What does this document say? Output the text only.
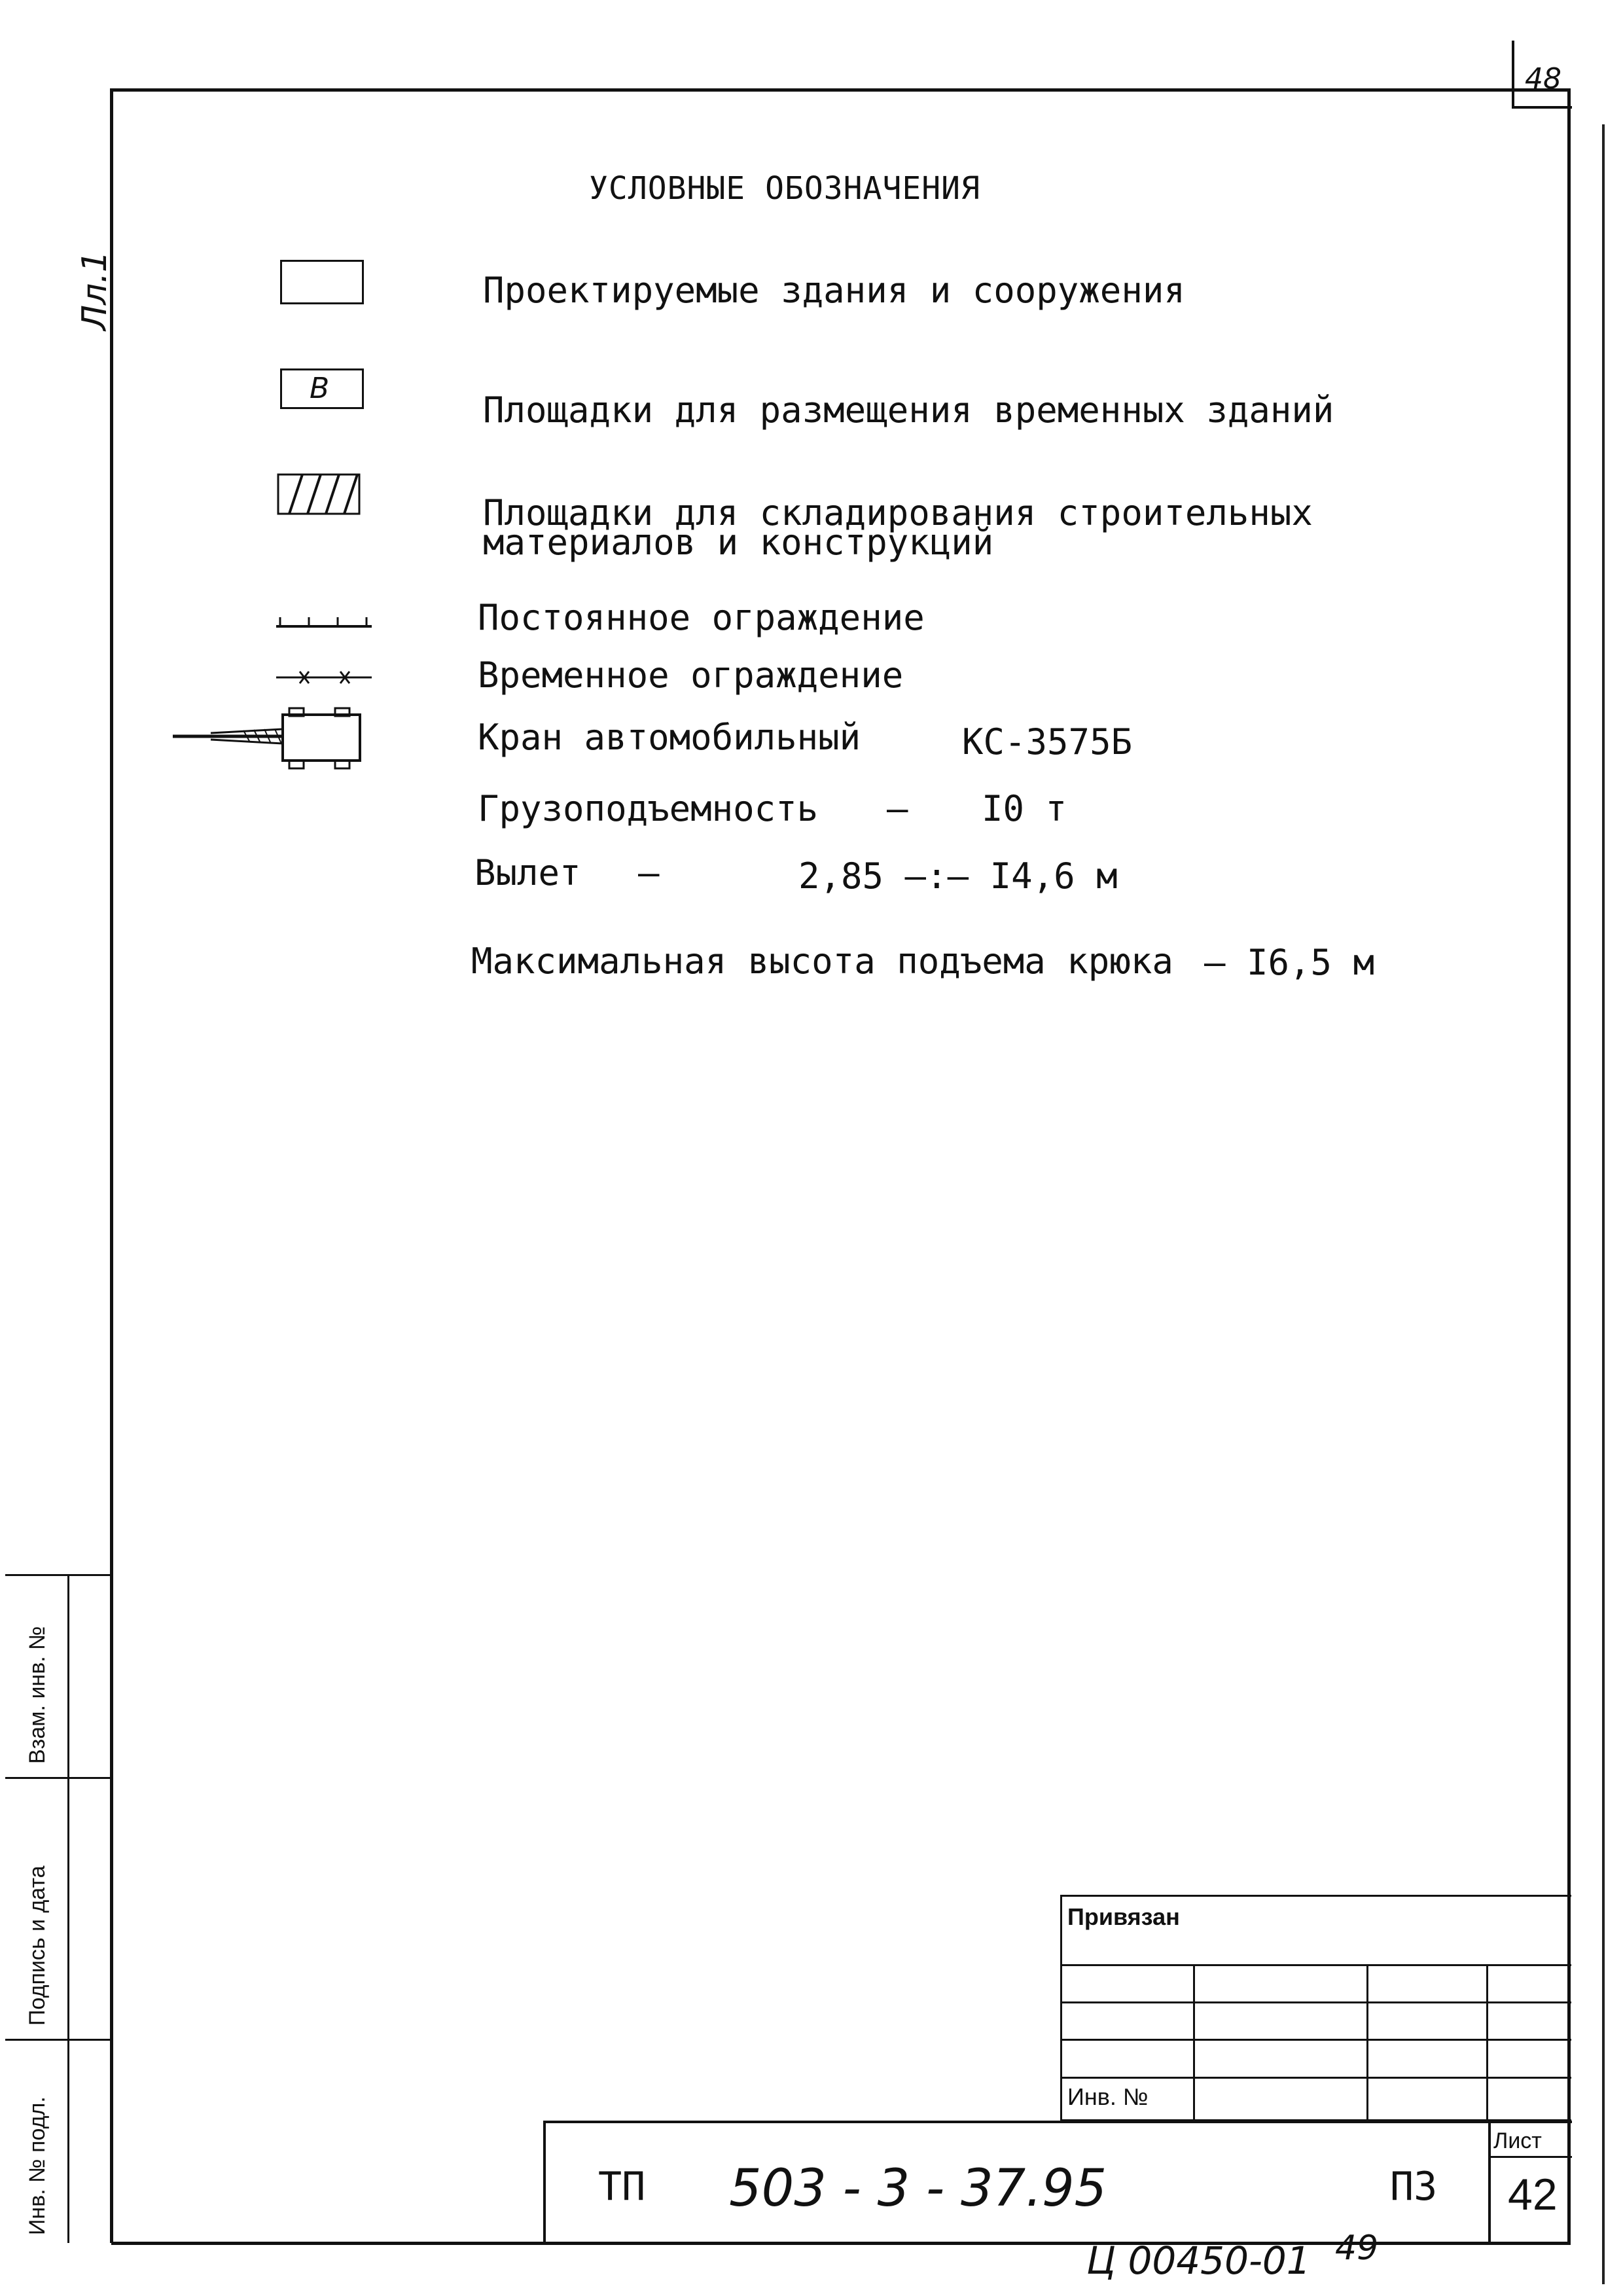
48
Лл.1
УСЛОВНЫЕ ОБОЗНАЧЕНИЯ
Проектируемые здания и сооружения
В
Площадки для размещения временных зданий
Площадки для складирования строительных
материалов и конструкций
Постоянное ограждение
Временное ограждение
Кран автомобильный	КС-3575Б
Грузоподъемность – I0 т
Вылет –	2,85 –:– I4,6 м
Максимальная высота подъема крюка – I6,5 м
Взам. инв. №
Подпись и дата
Инв. № подл.
Привязан
Инв. №
ТП 503 - 3 - 37.95	ПЗ
Лист
42
Ц 00450-01 49
